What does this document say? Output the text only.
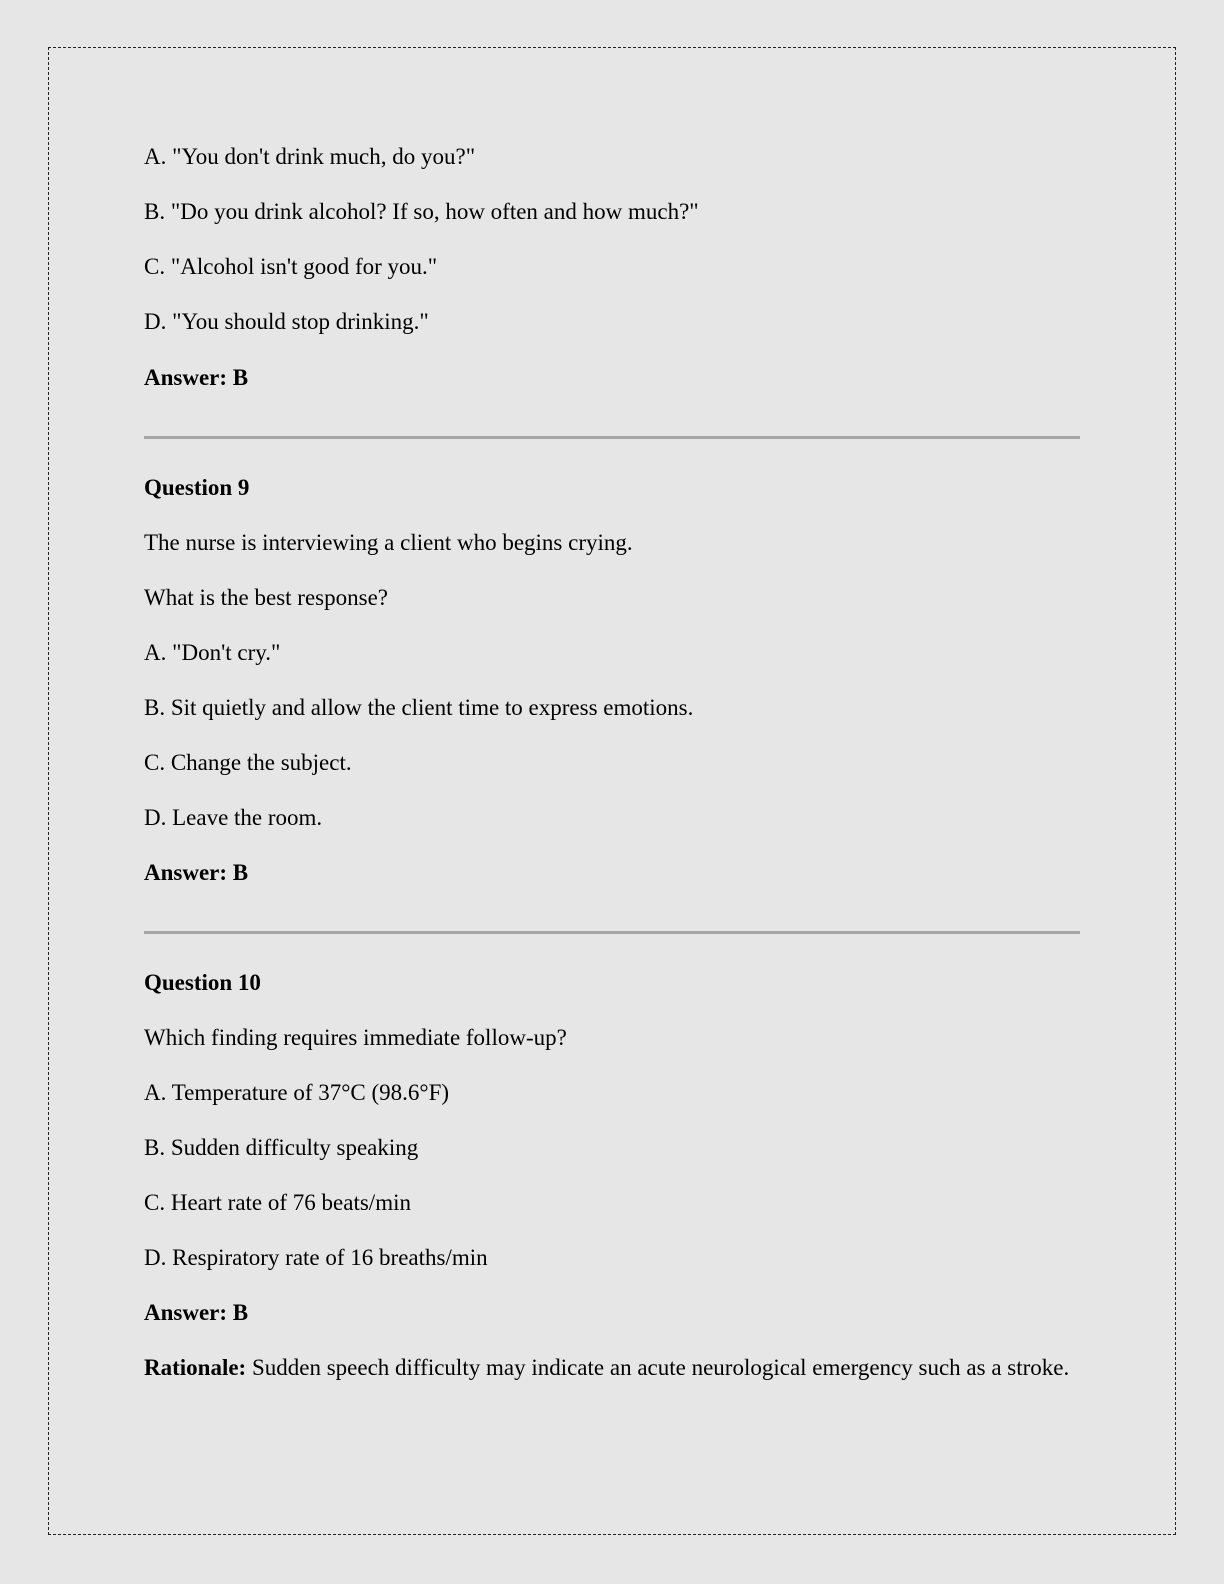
A. "You don't drink much, do you?"

B. "Do you drink alcohol? If so, how often and how much?"

C. "Alcohol isn't good for you."

D. "You should stop drinking."

Answer: B

Question 9

The nurse is interviewing a client who begins crying.

What is the best response?

A. "Don't cry."

B. Sit quietly and allow the client time to express emotions.

C. Change the subject.

D. Leave the room.

Answer: B

Question 10

Which finding requires immediate follow-up?

A. Temperature of 37°C (98.6°F)

B. Sudden difficulty speaking

C. Heart rate of 76 beats/min

D. Respiratory rate of 16 breaths/min

Answer: B

Rationale: Sudden speech difficulty may indicate an acute neurological emergency such as a stroke.
